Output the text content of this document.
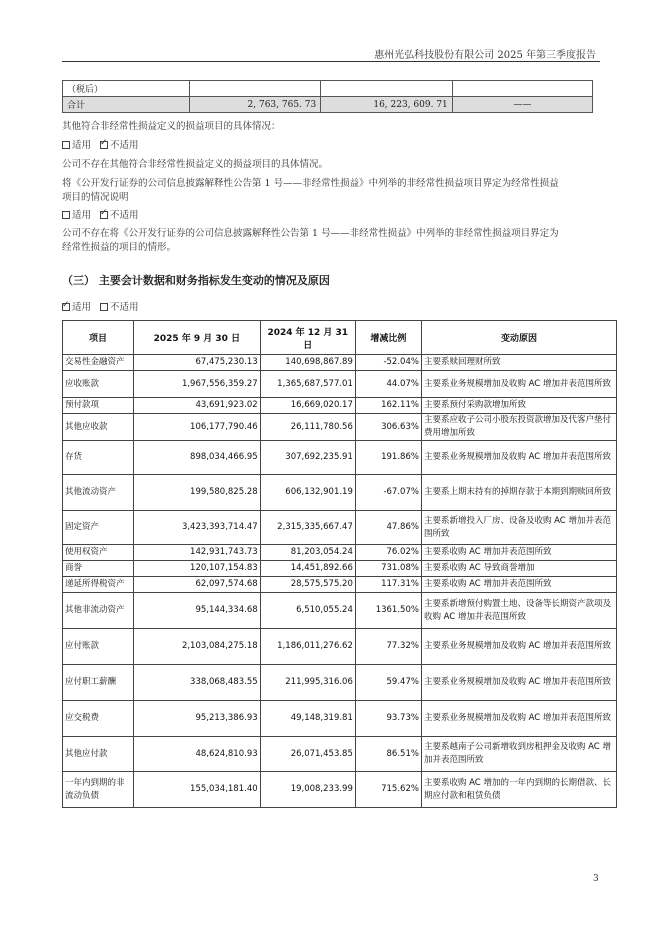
惠州光弘科技股份有限公司 2025 年第三季度报告
（税后）			
合计	2, 763, 765. 73	16, 223, 609. 71	——
其他符合非经常性损益定义的损益项目的具体情况：
适用 ✓ 不适用
公司不存在其他符合非经常性损益定义的损益项目的具体情况。
将《公开发行证券的公司信息披露解释性公告第 1 号——非经常性损益》中列举的非经常性损益项目界定为经常性损益
项目的情况说明
适用 ✓ 不适用
公司不存在将《公开发行证券的公司信息披露解释性公告第 1 号——非经常性损益》中列举的非经常性损益项目界定为
经常性损益的项目的情形。
（三） 主要会计数据和财务指标发生变动的情况及原因
✓适用 不适用
项目	2025 年 9 月 30 日	2024 年 12 月 31 日	增减比例	变动原因
交易性金融资产	67,475,230.13	140,698,867.89	-52.04%	主要系赎回理财所致
应收账款	1,967,556,359.27	1,365,687,577.01	44.07%	主要系业务规模增加及收购 AC 增加并表范围所致
预付款项	43,691,923.02	16,669,020.17	162.11%	主要系预付采购款增加所致
其他应收款	106,177,790.46	26,111,780.56	306.63%	主要系应收子公司小股东投资款增加及代客户垫付费用增加所致
存货	898,034,466.95	307,692,235.91	191.86%	主要系业务规模增加及收购 AC 增加并表范围所致
其他流动资产	199,580,825.28	606,132,901.19	-67.07%	主要系上期末持有的掉期存款于本期到期赎回所致
固定资产	3,423,393,714.47	2,315,335,667.47	47.86%	主要系新增投入厂房、设备及收购 AC 增加并表范围所致
使用权资产	142,931,743.73	81,203,054.24	76.02%	主要系收购 AC 增加并表范围所致
商誉	120,107,154.83	14,451,892.66	731.08%	主要系收购 AC 导致商誉增加
递延所得税资产	62,097,574.68	28,575,575.20	117.31%	主要系收购 AC 增加并表范围所致
其他非流动资产	95,144,334.68	6,510,055.24	1361.50%	主要系新增预付购置土地、设备等长期资产款项及收购 AC 增加并表范围所致
应付账款	2,103,084,275.18	1,186,011,276.62	77.32%	主要系业务规模增加及收购 AC 增加并表范围所致
应付职工薪酬	338,068,483.55	211,995,316.06	59.47%	主要系业务规模增加及收购 AC 增加并表范围所致
应交税费	95,213,386.93	49,148,319.81	93.73%	主要系业务规模增加及收购 AC 增加并表范围所致
其他应付款	48,624,810.93	26,071,453.85	86.51%	主要系越南子公司新增收到房租押金及收购 AC 增加并表范围所致
一年内到期的非流动负债	155,034,181.40	19,008,233.99	715.62%	主要系收购 AC 增加的一年内到期的长期借款、长期应付款和租赁负债
3
